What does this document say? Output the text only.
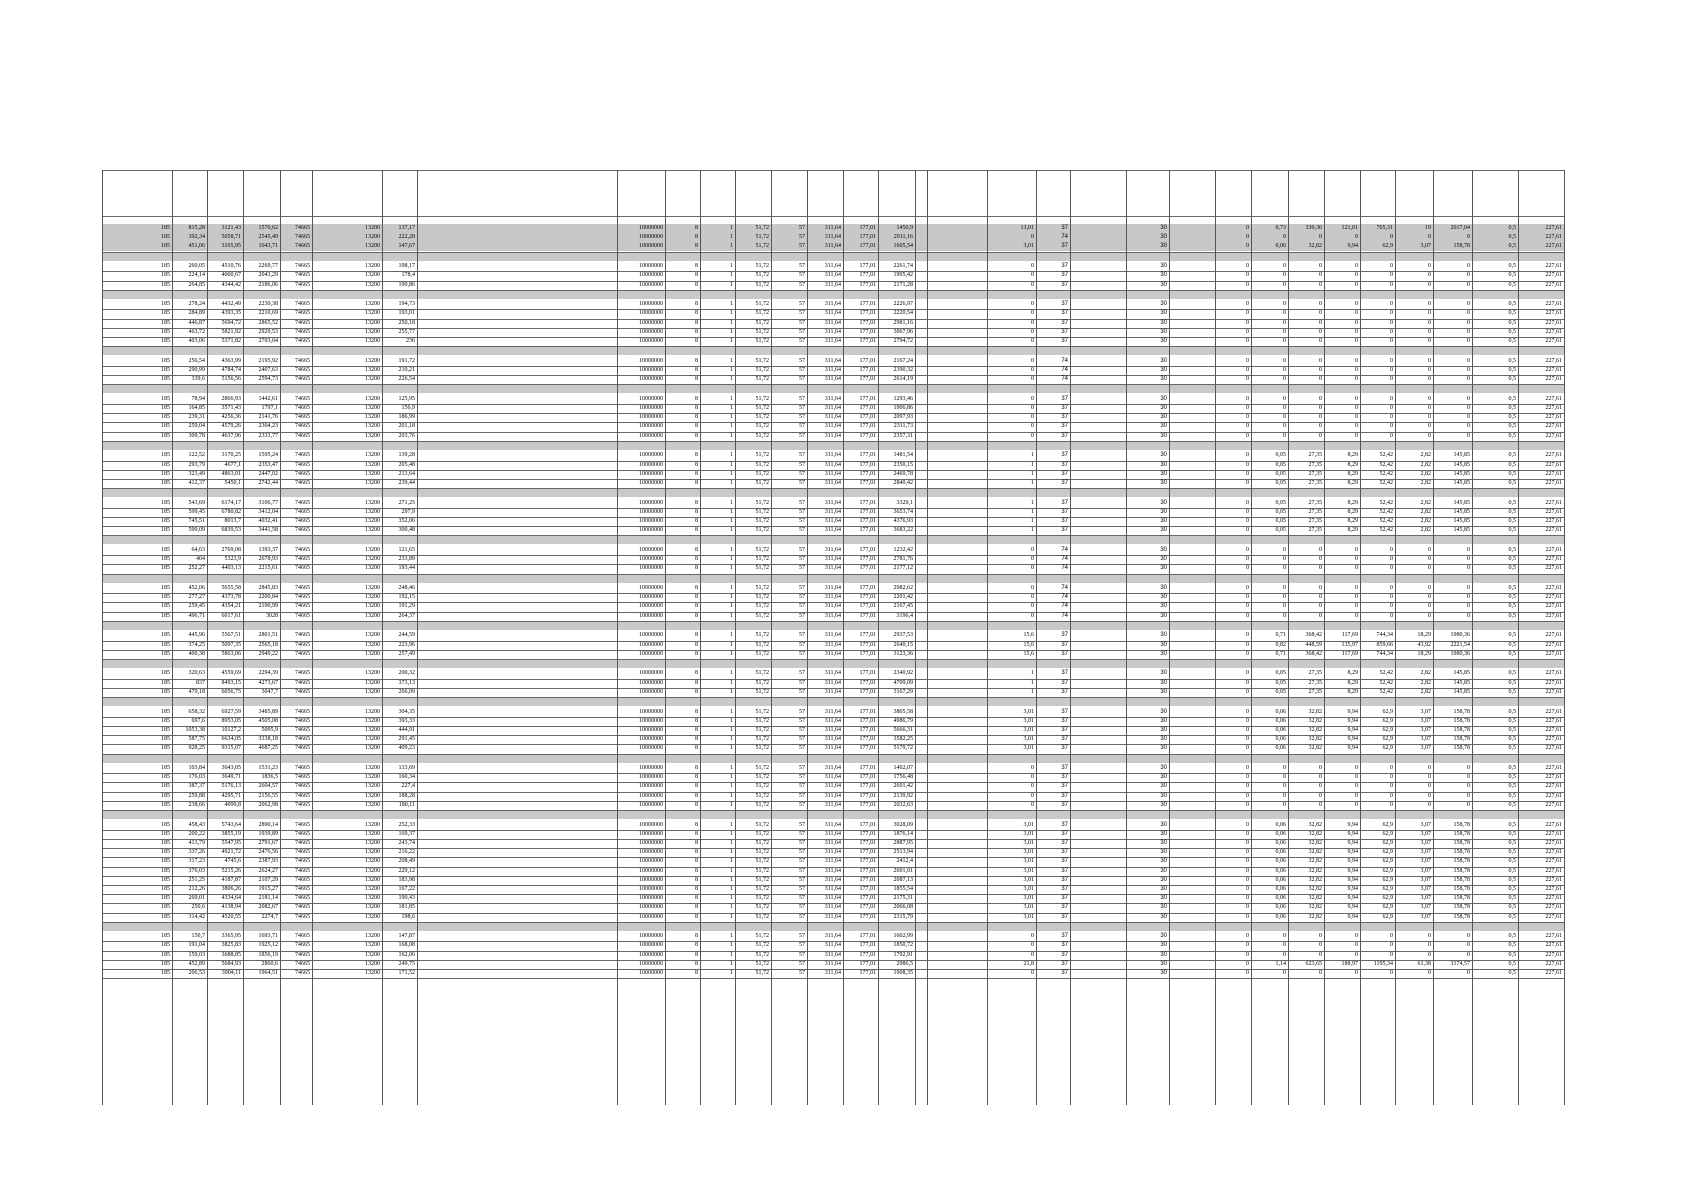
185	815,28	3121,43	1570,62	74665	13200	137,17	10000000	8	1	51,72	57	311,64	177,01	1450,9	13,01	37	30	0	0,73	339,36	121,01	765,31	19	2017,04	0,5	227,61
185	392,34	5058,71	2545,49	74665	13200	222,28	10000000	8	1	51,72	57	311,64	177,01	2911,16	0	74	30	0	0	0	0	0	0	0	0,5	227,61
185	451,06	3165,95	1643,71	74665	13200	147,67	10000000	8	1	51,72	57	311,64	177,01	1605,54	3,01	37	30	0	0,06	32,82	9,94	62,9	3,07	158,78	0,5	227,61
185	260,05	4510,76	2269,77	74665	13200	198,17	10000000	8	1	51,72	57	311,64	177,01	2261,74	0	37	30	0	0	0	0	0	0	0	0,5	227,61
185	224,14	4060,67	2043,29	74665	13200	178,4	10000000	8	1	51,72	57	311,64	177,01	1995,42	0	37	30	0	0	0	0	0	0	0	0,5	227,61
185	264,85	4344,42	2186,06	74665	13200	190,86	10000000	8	1	51,72	57	311,64	177,01	2171,28	0	37	30	0	0	0	0	0	0	0	0,5	227,61
185	278,24	4432,49	2230,38	74665	13200	194,73	10000000	8	1	51,72	57	311,64	177,01	2226,97	0	37	30	0	0	0	0	0	0	0	0,5	227,61
185	284,89	4393,35	2210,69	74665	13200	193,01	10000000	8	1	51,72	57	311,64	177,01	2220,54	0	37	30	0	0	0	0	0	0	0	0,5	227,61
185	446,87	5694,72	2865,52	74665	13200	250,18	10000000	8	1	51,72	57	311,64	177,01	2981,16	0	37	30	0	0	0	0	0	0	0	0,5	227,61
185	463,72	5821,92	2929,53	74665	13200	255,77	10000000	8	1	51,72	57	311,64	177,01	3067,96	0	37	30	0	0	0	0	0	0	0	0,5	227,61
185	403,06	5371,82	2703,04	74665	13200	236	10000000	8	1	51,72	57	311,64	177,01	2794,72	0	37	30	0	0	0	0	0	0	0	0,5	227,61
185	256,54	4363,99	2195,92	74665	13200	191,72	10000000	8	1	51,72	57	311,64	177,01	2167,24	0	74	30	0	0	0	0	0	0	0	0,5	227,61
185	290,99	4784,74	2407,63	74665	13200	210,21	10000000	8	1	51,72	57	311,64	177,01	2390,32	0	74	30	0	0	0	0	0	0	0	0,5	227,61
185	339,6	5156,56	2594,73	74665	13200	226,54	10000000	8	1	51,72	57	311,64	177,01	2614,19	0	74	30	0	0	0	0	0	0	0	0,5	227,61
185	78,94	2866,93	1442,61	74665	13200	125,95	10000000	8	1	51,72	57	311,64	177,01	1293,46	0	37	30	0	0	0	0	0	0	0	0,5	227,61
185	164,85	3571,43	1797,1	74665	13200	156,9	10000000	8	1	51,72	57	311,64	177,01	1906,86	0	37	30	0	0	0	0	0	0	0	0,5	227,61
185	239,31	4256,36	2141,76	74665	13200	186,99	10000000	8	1	51,72	57	311,64	177,01	2097,93	0	37	30	0	0	0	0	0	0	0	0,5	227,61
185	259,04	4579,26	2304,23	74665	13200	201,18	10000000	8	1	51,72	57	311,64	177,01	2311,73	0	37	30	0	0	0	0	0	0	0	0,5	227,61
185	309,78	4637,96	2333,77	74665	13200	203,76	10000000	8	1	51,72	57	311,64	177,01	2357,31	0	37	30	0	0	0	0	0	0	0	0,5	227,61
185	122,52	3170,25	1595,24	74665	13200	139,28	10000000	8	1	51,72	57	311,64	177,01	1481,54	1	37	30	0	0,05	27,35	8,29	52,42	2,82	145,85	0,5	227,61
185	293,79	4677,1	2353,47	74665	13200	205,48	10000000	8	1	51,72	57	311,64	177,01	2350,15	1	37	30	0	0,05	27,35	8,29	52,42	2,82	145,85	0,5	227,61
185	323,49	4863,01	2447,02	74665	13200	213,64	10000000	8	1	51,72	57	311,64	177,01	2469,78	1	37	30	0	0,05	27,35	8,29	52,42	2,82	145,85	0,5	227,61
185	412,37	5450,1	2742,44	74665	13200	239,44	10000000	8	1	51,72	57	311,64	177,01	2840,42	1	37	30	0	0,05	27,35	8,29	52,42	2,82	145,85	0,5	227,61
185	543,69	6174,17	3106,77	74665	13200	271,25	10000000	8	1	51,72	57	311,64	177,01	3329,1	1	37	30	0	0,05	27,35	8,29	52,42	2,82	145,85	0,5	227,61
185	599,45	6780,82	3412,04	74665	13200	297,9	10000000	8	1	51,72	57	311,64	177,01	3653,74	1	37	30	0	0,05	27,35	8,29	52,42	2,82	145,85	0,5	227,61
185	745,51	8013,7	4032,41	74665	13200	352,06	10000000	8	1	51,72	57	311,64	177,01	4376,93	1	37	30	0	0,05	27,35	8,29	52,42	2,82	145,85	0,5	227,61
185	599,09	6839,53	3441,58	74665	13200	300,48	10000000	8	1	51,72	57	311,64	177,01	3683,22	1	37	30	0	0,05	27,35	8,29	52,42	2,82	145,85	0,5	227,61
185	64,63	2769,08	1393,37	74665	13200	121,65	10000000	8	1	51,72	57	311,64	177,01	1232,42	0	74	30	0	0	0	0	0	0	0	0,5	227,61
185	404	5323,9	2678,93	74665	13200	233,89	10000000	8	1	51,72	57	311,64	177,01	2781,76	0	74	30	0	0	0	0	0	0	0	0,5	227,61
185	252,27	4403,13	2215,61	74665	13200	193,44	10000000	8	1	51,72	57	311,64	177,01	2177,12	0	74	30	0	0	0	0	0	0	0	0,5	227,61
185	452,06	5655,58	2845,83	74665	13200	248,46	10000000	8	1	51,72	57	311,64	177,01	2982,62	0	74	30	0	0	0	0	0	0	0	0,5	227,61
185	277,27	4373,78	2200,84	74665	13200	192,15	10000000	8	1	51,72	57	311,64	177,01	2201,42	0	74	30	0	0	0	0	0	0	0	0,5	227,61
185	259,45	4354,21	2190,99	74665	13200	191,29	10000000	8	1	51,72	57	311,64	177,01	2167,45	0	74	30	0	0	0	0	0	0	0	0,5	227,61
185	496,71	6017,61	3028	74665	13200	264,37	10000000	8	1	51,72	57	311,64	177,01	3196,4	0	74	30	0	0	0	0	0	0	0	0,5	227,61
185	445,96	5567,51	2801,51	74665	13200	244,59	10000000	8	1	51,72	57	311,64	177,01	2937,53	15,6	37	30	0	0,71	368,42	117,69	744,34	18,29	1980,36	0,5	227,61
185	374,25	5097,35	2565,18	74665	13200	223,96	10000000	8	1	51,72	57	311,64	177,01	2640,15	15,6	37	30	0	0,82	448,59	135,97	859,66	43,92	2221,54	0,5	227,61
185	400,38	5863,06	2949,22	74665	13200	257,49	10000000	8	1	51,72	57	311,64	177,01	3123,36	15,6	37	30	0	0,71	368,42	117,69	744,34	18,29	1980,36	0,5	227,61
185	320,63	4559,69	2294,39	74665	13200	200,32	10000000	8	1	51,72	57	311,64	177,01	2340,92	1	37	30	0	0,05	27,35	8,29	52,42	2,82	145,85	0,5	227,61
185	837	8493,15	4273,67	74665	13200	373,13	10000000	8	1	51,72	57	311,64	177,01	4709,09	1	37	30	0	0,05	27,35	8,29	52,42	2,82	145,85	0,5	227,61
185	479,18	6056,75	3047,7	74665	13200	266,09	10000000	8	1	51,72	57	311,64	177,01	3167,29	1	37	30	0	0,05	27,35	8,29	52,42	2,82	145,85	0,5	227,61
185	658,32	6927,59	3485,89	74665	13200	304,35	10000000	8	1	51,72	57	311,64	177,01	3805,58	3,01	37	30	0	0,06	32,82	9,94	62,9	3,07	158,78	0,5	227,61
185	697,6	8953,05	4505,08	74665	13200	393,33	10000000	8	1	51,72	57	311,64	177,01	4986,79	3,01	37	30	0	0,06	32,82	9,94	62,9	3,07	158,78	0,5	227,61
185	1053,38	10127,2	5095,9	74665	13200	444,91	10000000	8	1	51,72	57	311,64	177,01	5666,31	3,01	37	30	0	0,06	32,82	9,94	62,9	3,07	158,78	0,5	227,61
185	587,75	6634,05	3338,18	74665	13200	291,45	10000000	8	1	51,72	57	311,64	177,01	3582,25	3,01	37	30	0	0,06	32,82	9,94	62,9	3,07	158,78	0,5	227,61
185	928,25	9315,07	4687,25	74665	13200	409,23	10000000	8	1	51,72	57	311,64	177,01	5179,72	3,01	37	30	0	0,06	32,82	9,94	62,9	3,07	158,78	0,5	227,61
185	103,84	3043,05	1531,23	74665	13200	133,69	10000000	8	1	51,72	57	311,64	177,01	1402,07	0	37	30	0	0	0	0	0	0	0	0,5	227,61
185	176,03	3649,71	1836,5	74665	13200	160,34	10000000	8	1	51,72	57	311,64	177,01	1756,48	0	37	30	0	0	0	0	0	0	0	0,5	227,61
185	387,37	5176,13	2604,57	74665	13200	227,4	10000000	8	1	51,72	57	311,64	177,01	2691,42	0	37	30	0	0	0	0	0	0	0	0,5	227,61
185	259,88	4295,71	2156,55	74665	13200	188,28	10000000	8	1	51,72	57	311,64	177,01	2139,92	0	37	30	0	0	0	0	0	0	0	0,5	227,61
185	238,66	4099,8	2062,98	74665	13200	180,11	10000000	8	1	51,72	57	311,64	177,01	2032,63	0	37	30	0	0	0	0	0	0	0	0,5	227,61
185	458,43	5743,64	2890,14	74665	13200	252,33	10000000	8	1	51,72	57	311,64	177,01	3028,09	3,01	37	30	0	0,06	32,82	9,94	62,9	3,07	158,78	0,5	227,61
185	200,22	3855,19	1939,89	74665	13200	169,37	10000000	8	1	51,72	57	311,64	177,01	1876,14	3,01	37	30	0	0,06	32,82	9,94	62,9	3,07	158,78	0,5	227,61
185	413,79	5547,95	2791,67	74665	13200	243,74	10000000	8	1	51,72	57	311,64	177,01	2887,95	3,01	37	30	0	0,06	32,82	9,94	62,9	3,07	158,78	0,5	227,61
185	337,26	4921,72	2476,56	74665	13200	216,22	10000000	8	1	51,72	57	311,64	177,01	2513,94	3,01	37	30	0	0,06	32,82	9,94	62,9	3,07	158,78	0,5	227,61
185	317,23	4745,6	2387,93	74665	13200	208,49	10000000	8	1	51,72	57	311,64	177,01	2412,4	3,01	37	30	0	0,06	32,82	9,94	62,9	3,07	158,78	0,5	227,61
185	376,03	5215,26	2624,27	74665	13200	229,12	10000000	8	1	51,72	57	311,64	177,01	2691,01	3,01	37	30	0	0,06	32,82	9,94	62,9	3,07	158,78	0,5	227,61
185	251,25	4187,87	2107,29	74665	13200	183,98	10000000	8	1	51,72	57	311,64	177,01	2087,13	3,01	37	30	0	0,06	32,82	9,94	62,9	3,07	158,78	0,5	227,61
185	212,26	3806,26	1915,27	74665	13200	167,22	10000000	8	1	51,72	57	311,64	177,01	1855,54	3,01	37	30	0	0,06	32,82	9,94	62,9	3,07	158,78	0,5	227,61
185	269,01	4334,64	2181,14	74665	13200	190,43	10000000	8	1	51,72	57	311,64	177,01	2175,31	3,01	37	30	0	0,06	32,82	9,94	62,9	3,07	158,78	0,5	227,61
185	250,6	4138,94	2082,67	74665	13200	181,85	10000000	8	1	51,72	57	311,64	177,01	2066,08	3,01	37	30	0	0,06	32,82	9,94	62,9	3,07	158,78	0,5	227,61
185	314,42	4520,55	2274,7	74665	13200	198,6	10000000	8	1	51,72	57	311,64	177,01	2315,79	3,01	37	30	0	0,06	32,82	9,94	62,9	3,07	158,78	0,5	227,61
185	150,7	3365,95	1693,71	74665	13200	147,87	10000000	8	1	51,72	57	311,64	177,01	1602,99	0	37	30	0	0	0	0	0	0	0	0,5	227,61
185	191,04	3825,83	1925,12	74665	13200	168,08	10000000	8	1	51,72	57	311,64	177,01	1850,72	0	37	30	0	0	0	0	0	0	0	0,5	227,61
185	159,03	3688,85	1856,19	74665	13200	162,06	10000000	8	1	51,72	57	311,64	177,01	1792,91	0	37	30	0	0	0	0	0	0	0	0,5	227,61
185	452,89	5684,93	2860,6	74665	13200	249,75	10000000	8	1	51,72	57	311,64	177,01	2986,5	21,8	37	30	0	1,14	623,65	188,97	1195,34	61,38	3174,57	0,5	227,61
185	206,53	3904,11	1964,51	74665	13200	171,52	10000000	8	1	51,72	57	311,64	177,01	1908,35	0	37	30	0	0	0	0	0	0	0	0,5	227,61
